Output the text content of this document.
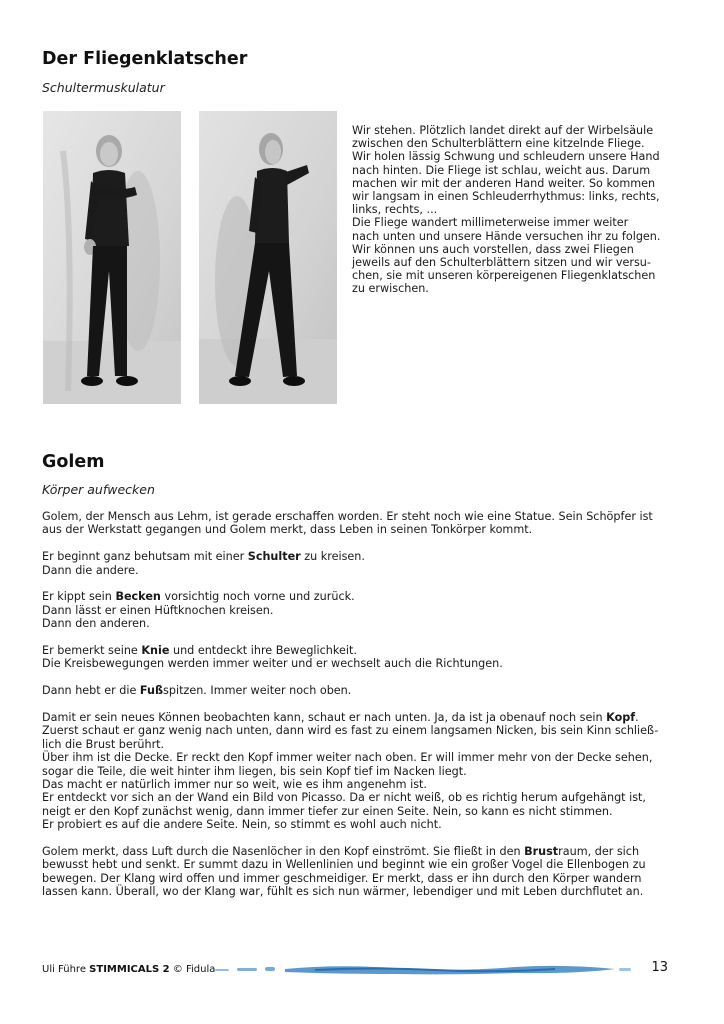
Der Fliegenklatscher
Schultermuskulatur
Wir stehen. Plötzlich landet direkt auf der Wirbelsäule
zwischen den Schulterblättern eine kitzelnde Fliege.
Wir holen lässig Schwung und schleudern unsere Hand
nach hinten. Die Fliege ist schlau, weicht aus. Darum
machen wir mit der anderen Hand weiter. So kommen
wir langsam in einen Schleuderrhythmus: links, rechts,
links, rechts, ...
Die Fliege wandert millimeterweise immer weiter
nach unten und unsere Hände versuchen ihr zu folgen.
Wir können uns auch vorstellen, dass zwei Fliegen
jeweils auf den Schulterblättern sitzen und wir versu-
chen, sie mit unseren körpereigenen Fliegenklatschen
zu erwischen.
Golem
Körper aufwecken
Golem, der Mensch aus Lehm, ist gerade erschaffen worden. Er steht noch wie eine Statue. Sein Schöpfer ist
aus der Werkstatt gegangen und Golem merkt, dass Leben in seinen Tonkörper kommt.
Er beginnt ganz behutsam mit einer Schulter zu kreisen.
Dann die andere.
Er kippt sein Becken vorsichtig noch vorne und zurück.
Dann lässt er einen Hüftknochen kreisen.
Dann den anderen.
Er bemerkt seine Knie und entdeckt ihre Beweglichkeit.
Die Kreisbewegungen werden immer weiter und er wechselt auch die Richtungen.
Dann hebt er die Fußspitzen. Immer weiter noch oben.
Damit er sein neues Können beobachten kann, schaut er nach unten. Ja, da ist ja obenauf noch sein Kopf.
Zuerst schaut er ganz wenig nach unten, dann wird es fast zu einem langsamen Nicken, bis sein Kinn schließ-
lich die Brust berührt.
Über ihm ist die Decke. Er reckt den Kopf immer weiter nach oben. Er will immer mehr von der Decke sehen,
sogar die Teile, die weit hinter ihm liegen, bis sein Kopf tief im Nacken liegt.
Das macht er natürlich immer nur so weit, wie es ihm angenehm ist.
Er entdeckt vor sich an der Wand ein Bild von Picasso. Da er nicht weiß, ob es richtig herum aufgehängt ist,
neigt er den Kopf zunächst wenig, dann immer tiefer zur einen Seite. Nein, so kann es nicht stimmen.
Er probiert es auf die andere Seite. Nein, so stimmt es wohl auch nicht.
Golem merkt, dass Luft durch die Nasenlöcher in den Kopf einströmt. Sie fließt in den Brustraum, der sich
bewusst hebt und senkt. Er summt dazu in Wellenlinien und beginnt wie ein großer Vogel die Ellenbogen zu
bewegen. Der Klang wird offen und immer geschmeidiger. Er merkt, dass er ihn durch den Körper wandern
lassen kann. Überall, wo der Klang war, fühlt es sich nun wärmer, lebendiger und mit Leben durchflutet an.
Uli Führe STIMMICALS 2 © Fidula	13
